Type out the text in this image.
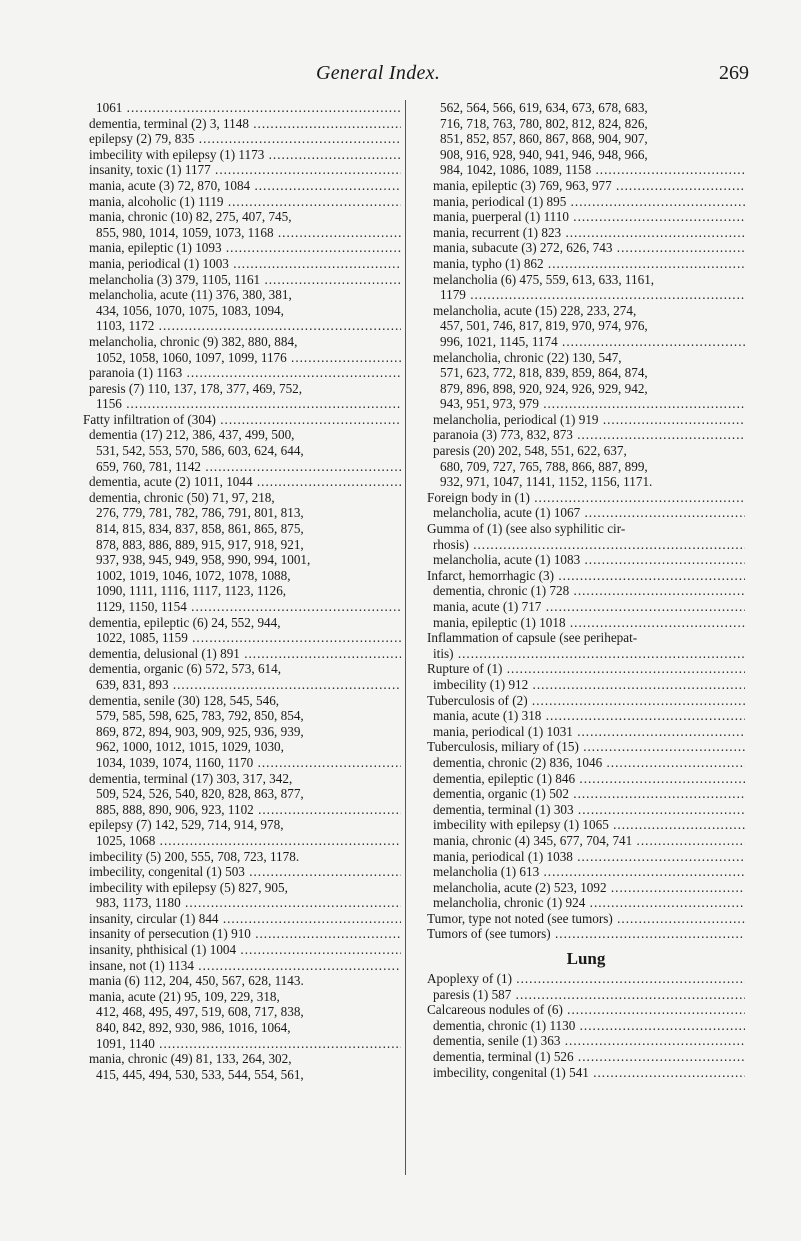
General Index.	269
1061 .....
dementia, terminal (2) 3, 1148 .....
epilepsy (2) 79, 835 .....
imbecility with epilepsy (1) 1173 .....
insanity, toxic (1) 1177 .....
mania, acute (3) 72, 870, 1084 .....
mania, alcoholic (1) 1119 .....
mania, chronic (10) 82, 275, 407, 745,
855, 980, 1014, 1059, 1073, 1168 .....
mania, epileptic (1) 1093 .....
mania, periodical (1) 1003 .....
melancholia (3) 379, 1105, 1161 .....
melancholia, acute (11) 376, 380, 381,
434, 1056, 1070, 1075, 1083, 1094,
1103, 1172 .....
melancholia, chronic (9) 382, 880, 884,
1052, 1058, 1060, 1097, 1099, 1176 .....
paranoia (1) 1163 .....
paresis (7) 110, 137, 178, 377, 469, 752,
1156 .....
Fatty infiltration of (304) .....
dementia (17) 212, 386, 437, 499, 500,
531, 542, 553, 570, 586, 603, 624, 644,
659, 760, 781, 1142 .....
dementia, acute (2) 1011, 1044 .....
dementia, chronic (50) 71, 97, 218,
276, 779, 781, 782, 786, 791, 801, 813,
814, 815, 834, 837, 858, 861, 865, 875,
878, 883, 886, 889, 915, 917, 918, 921,
937, 938, 945, 949, 958, 990, 994, 1001,
1002, 1019, 1046, 1072, 1078, 1088,
1090, 1111, 1116, 1117, 1123, 1126,
1129, 1150, 1154 .....
dementia, epileptic (6) 24, 552, 944,
1022, 1085, 1159 .....
dementia, delusional (1) 891 .....
dementia, organic (6) 572, 573, 614,
639, 831, 893 .....
dementia, senile (30) 128, 545, 546,
579, 585, 598, 625, 783, 792, 850, 854,
869, 872, 894, 903, 909, 925, 936, 939,
962, 1000, 1012, 1015, 1029, 1030,
1034, 1039, 1074, 1160, 1170 .....
dementia, terminal (17) 303, 317, 342,
509, 524, 526, 540, 820, 828, 863, 877,
885, 888, 890, 906, 923, 1102 .....
epilepsy (7) 142, 529, 714, 914, 978,
1025, 1068 .....
imbecility (5) 200, 555, 708, 723, 1178.
imbecility, congenital (1) 503 .....
imbecility with epilepsy (5) 827, 905,
983, 1173, 1180 .....
insanity, circular (1) 844 .....
insanity of persecution (1) 910 .....
insanity, phthisical (1) 1004 .....
insane, not (1) 1134 .....
mania (6) 112, 204, 450, 567, 628, 1143.
mania, acute (21) 95, 109, 229, 318,
412, 468, 495, 497, 519, 608, 717, 838,
840, 842, 892, 930, 986, 1016, 1064,
1091, 1140 .....
mania, chronic (49) 81, 133, 264, 302,
415, 445, 494, 530, 533, 544, 554, 561,
562, 564, 566, 619, 634, 673, 678, 683,
716, 718, 763, 780, 802, 812, 824, 826,
851, 852, 857, 860, 867, 868, 904, 907,
908, 916, 928, 940, 941, 946, 948, 966,
984, 1042, 1086, 1089, 1158 .....
mania, epileptic (3) 769, 963, 977 .....
mania, periodical (1) 895 .....
mania, puerperal (1) 1110 .....
mania, recurrent (1) 823 .....
mania, subacute (3) 272, 626, 743 .....
mania, typho (1) 862 .....
melancholia (6) 475, 559, 613, 633, 1161,
1179 .....
melancholia, acute (15) 228, 233, 274,
457, 501, 746, 817, 819, 970, 974, 976,
996, 1021, 1145, 1174 .....
melancholia, chronic (22) 130, 547,
571, 623, 772, 818, 839, 859, 864, 874,
879, 896, 898, 920, 924, 926, 929, 942,
943, 951, 973, 979 .....
melancholia, periodical (1) 919 .....
paranoia (3) 773, 832, 873 .....
paresis (20) 202, 548, 551, 622, 637,
680, 709, 727, 765, 788, 866, 887, 899,
932, 971, 1047, 1141, 1152, 1156, 1171.
Foreign body in (1) .....
melancholia, acute (1) 1067 .....
Gumma of (1) (see also syphilitic cir-
rhosis) .....
melancholia, acute (1) 1083 .....
Infarct, hemorrhagic (3) .....
dementia, chronic (1) 728 .....
mania, acute (1) 717 .....
mania, epileptic (1) 1018 .....
Inflammation of capsule (see perihepat-
itis) .....
Rupture of (1) .....
imbecility (1) 912 .....
Tuberculosis of (2) .....
mania, acute (1) 318 .....
mania, periodical (1) 1031 .....
Tuberculosis, miliary of (15) .....
dementia, chronic (2) 836, 1046 .....
dementia, epileptic (1) 846 .....
dementia, organic (1) 502 .....
dementia, terminal (1) 303 .....
imbecility with epilepsy (1) 1065 .....
mania, chronic (4) 345, 677, 704, 741 .....
mania, periodical (1) 1038 .....
melancholia (1) 613 .....
melancholia, acute (2) 523, 1092 .....
melancholia, chronic (1) 924 .....
Tumor, type not noted (see tumors) .....
Tumors of (see tumors) .....
Lung
Apoplexy of (1) .....
paresis (1) 587 .....
Calcareous nodules of (6) .....
dementia, chronic (1) 1130 .....
dementia, senile (1) 363 .....
dementia, terminal (1) 526 .....
imbecility, congenital (1) 541 .....
